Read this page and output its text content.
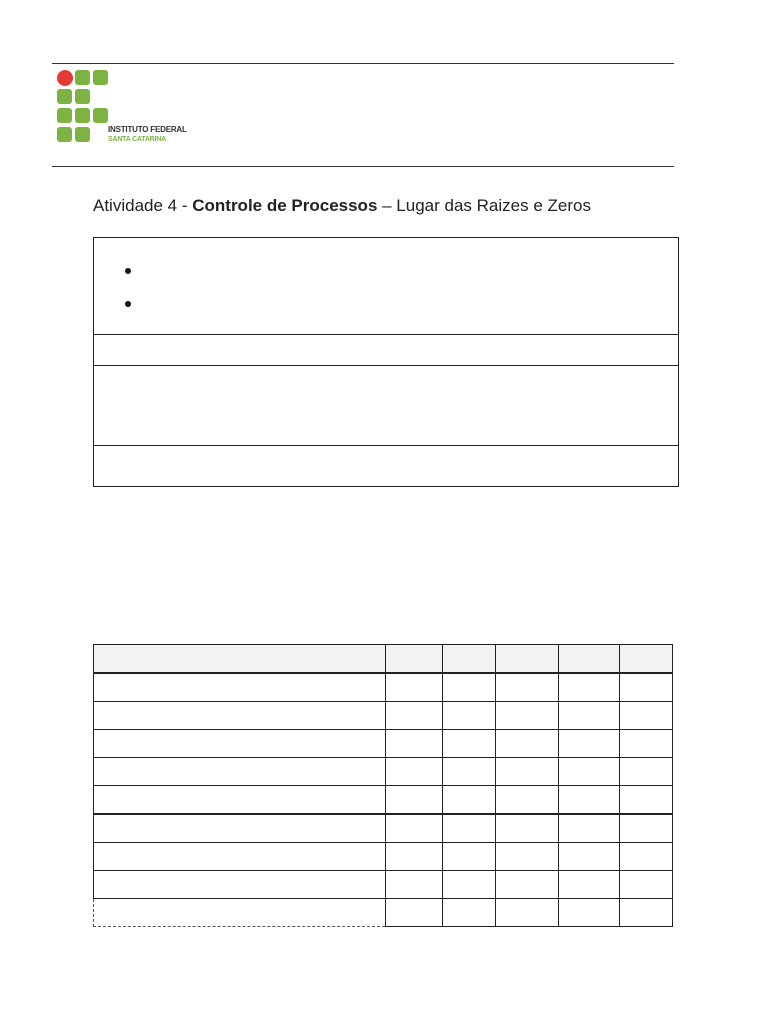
INSTITUTO FEDERAL
SANTA CATARINA
Atividade 4 - Controle de Processos – Lugar das Raizes e Zeros
